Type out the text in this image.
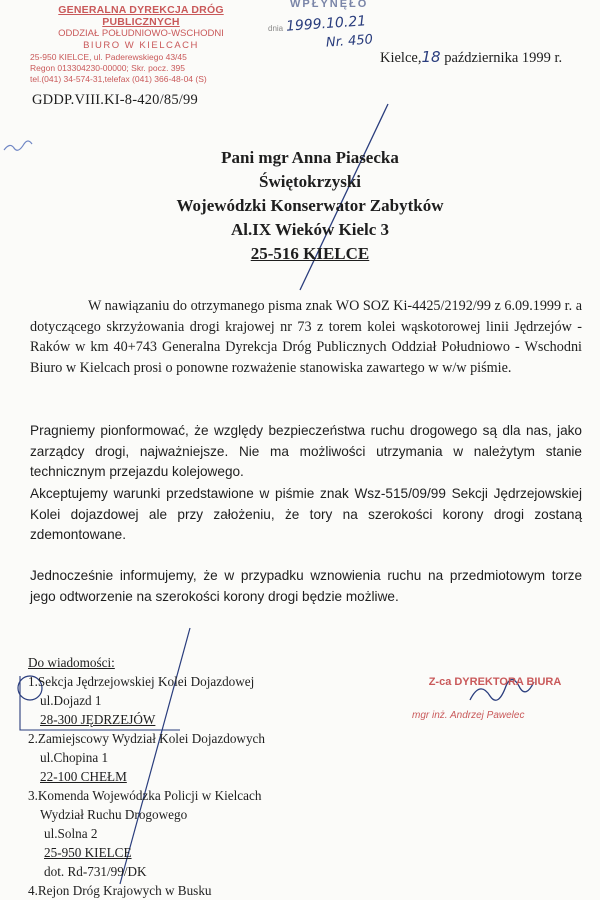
GENERALNA DYREKCJA DRÓG PUBLICZNYCH
ODDZIAŁ POŁUDNIOWO-WSCHODNI
BIURO W KIELCACH
25-950 KIELCE, ul. Paderewskiego 43/45
Regon 013304230-00000; Skr. pocz. 395
tel.(041) 34-574-31,telefax (041) 366-48-04 (S)
WPŁYNĘŁO
dnia 1999.10.21
Nr. 450
Kielce,18 października 1999 r.
GDDP.VIII.KI-8-420/85/99
Pani mgr Anna Piasecka
Świętokrzyski
Wojewódzki Konserwator Zabytków
Al.IX Wieków Kielc 3
25-516 KIELCE
W nawiązaniu do otrzymanego pisma znak WO SOZ Ki-4425/2192/99 z 6.09.1999 r. a dotyczącego skrzyżowania drogi krajowej nr 73 z torem kolei wąskotorowej linii Jędrzejów - Raków w km 40+743 Generalna Dyrekcja Dróg Publicznych Oddział Południowo - Wschodni Biuro w Kielcach prosi o ponowne rozważenie stanowiska zawartego w w/w piśmie.
Pragniemy pionformować, że względy bezpieczeństwa ruchu drogowego są dla nas, jako zarządcy drogi, najważniejsze. Nie ma możliwości utrzymania w należytym stanie technicznym przejazdu kolejowego.
Akceptujemy warunki przedstawione w piśmie znak Wsz-515/09/99 Sekcji Jędrzejowskiej Kolei dojazdowej ale przy założeniu, że tory na szerokości korony drogi zostaną zdemontowane.
Jednocześnie informujemy, że w przypadku wznowienia ruchu na przedmiotowym torze jego odtworzenie na szerokości korony drogi będzie możliwe.
Do wiadomości:
1.Sekcja Jędrzejowskiej Kolei Dojazdowej
ul.Dojazd 1
28-300 JĘDRZEJÓW
2.Zamiejscowy Wydział Kolei Dojazdowych
ul.Chopina 1
22-100 CHEŁM
3.Komenda Wojewódzka Policji w Kielcach
Wydział Ruchu Drogowego
ul.Solna 2
25-950 KIELCE
dot. Rd-731/99/DK
4.Rejon Dróg Krajowych w Busku
Z-ca DYREKTORA BIURA
mgr inż. Andrzej Pawelec
